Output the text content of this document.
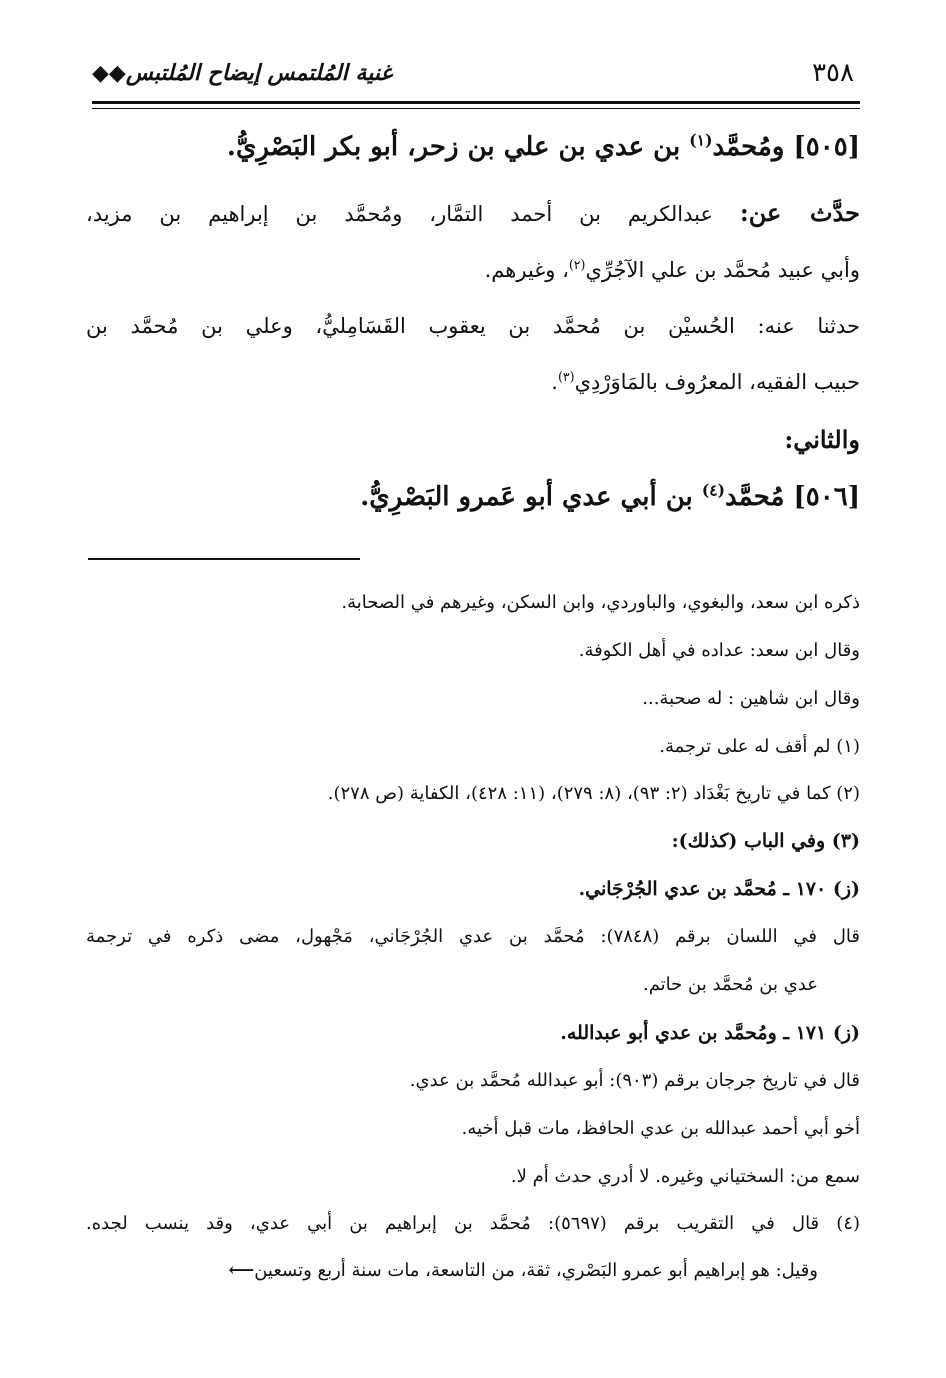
٣٥٨
غنية المُلتمس إيضاح المُلتبس◆◆
[٥٠٥] ومُحمَّد$^{(١)}$ بن عدي بن علي بن زحر، أبو بكر البَصْرِيُّ.
حدَّث عن: عبدالكريم بن أحمد التمَّار، ومُحمَّد بن إبراهيم بن مزيد،
وأبي عبيد مُحمَّد بن علي الآجُرِّي$^{(٢)}$، وغيرهم.
حدثنا عنه: الحُسيْن بن مُحمَّد بن يعقوب القَسَامِليُّ، وعلي بن مُحمَّد بن
حبيب الفقيه، المعرُوف بالمَاوَرْدِي$^{(٣)}$.
والثاني:
[٥٠٦] مُحمَّد$^{(٤)}$ بن أبي عدي أبو عَمرو البَصْرِيُّ.
ذكره ابن سعد، والبغوي، والباوردي، وابن السكن، وغيرهم في الصحابة.
وقال ابن سعد: عداده في أهل الكوفة.
وقال ابن شاهين : له صحبة...
(١) لم أقف له على ترجمة.
(٢) كما في تاريخ بَغْدَاد (٢: ٩٣)، (٨: ٢٧٩)، (١١: ٤٢٨)، الكفاية (ص ٢٧٨).
(٣) وفي الباب (كذلك):
(ز) ١٧٠ ـ مُحمَّد بن عدي الجُرْجَاني.
قال في اللسان برقم (٧٨٤٨): مُحمَّد بن عدي الجُرْجَاني، مَجْهول، مضى ذكره في ترجمة
عدي بن مُحمَّد بن حاتم.
(ز) ١٧١ ـ ومُحمَّد بن عدي أبو عبدالله.
قال في تاريخ جرجان برقم (٩٠٣): أبو عبدالله مُحمَّد بن عدي.
أخو أبي أحمد عبدالله بن عدي الحافظ، مات قبل أخيه.
سمع من: السختياني وغيره. لا أدري حدث أم لا.
(٤) قال في التقريب برقم (٥٦٩٧): مُحمَّد بن إبراهيم بن أبي عدي، وقد ينسب لجده.
وقيل: هو إبراهيم أبو عمرو البَصْري، ثقة، من التاسعة، مات سنة أربع وتسعين⟵
